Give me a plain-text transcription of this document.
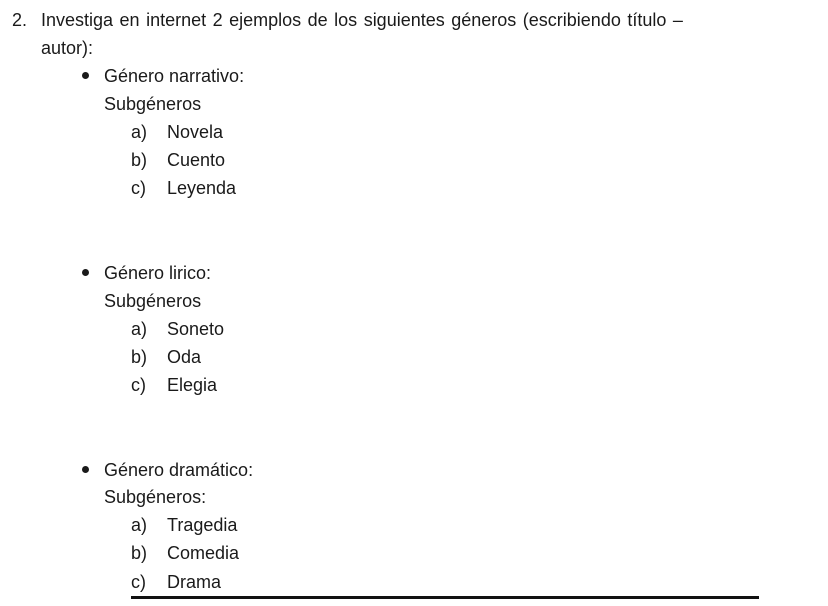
2. Investiga en internet 2 ejemplos de los siguientes géneros (escribiendo título –
autor):
Género narrativo:
Subgéneros
a) Novela
b) Cuento
c) Leyenda
Género lirico:
Subgéneros
a) Soneto
b) Oda
c) Elegia
Género dramático:
Subgéneros:
a) Tragedia
b) Comedia
c) Drama
